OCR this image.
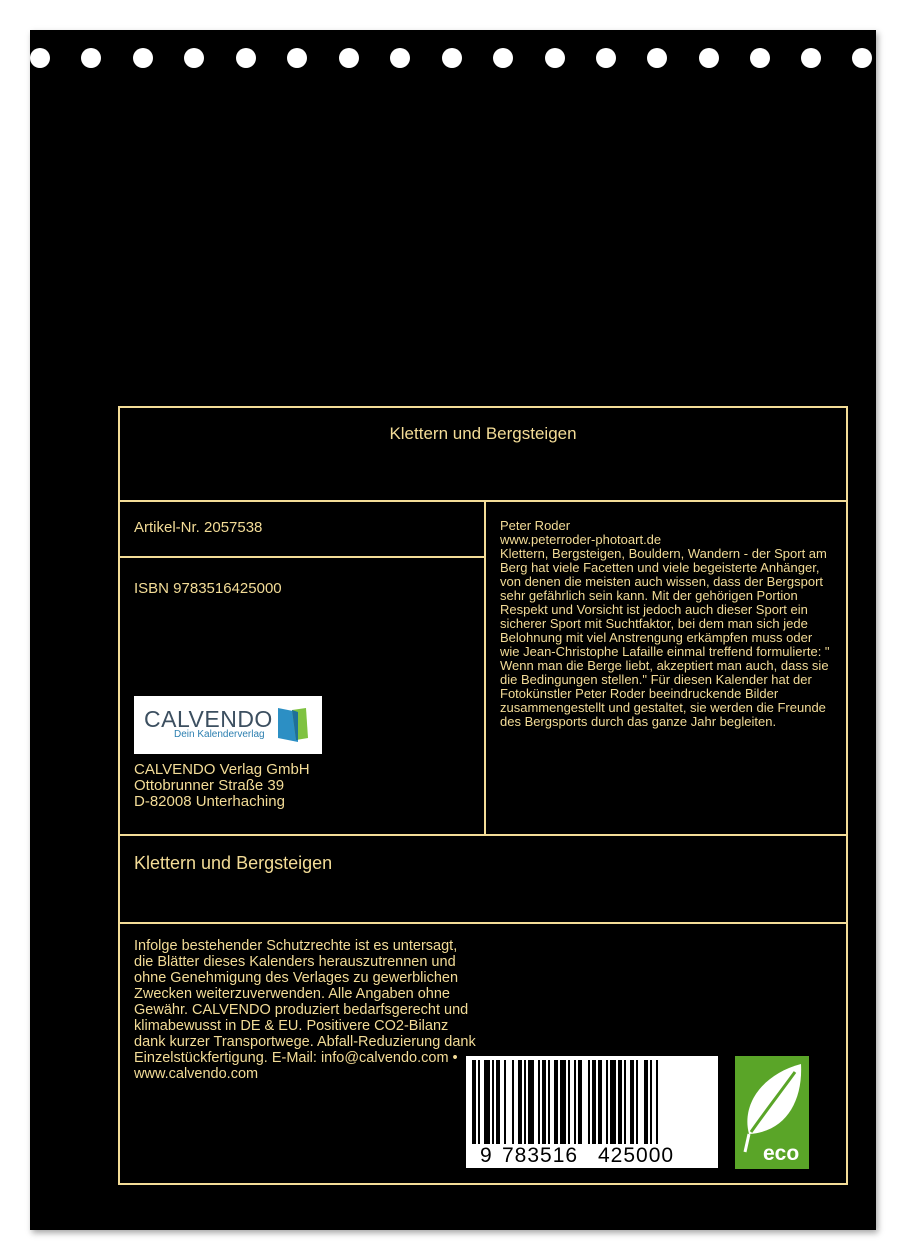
Klettern und Bergsteigen
Artikel-Nr. 2057538
ISBN 9783516425000
CALVENDO
Dein Kalenderverlag
CALVENDO Verlag GmbH
Ottobrunner Straße 39
D-82008 Unterhaching
Peter Roder
www.peterroder-photoart.de
Klettern, Bergsteigen, Bouldern, Wandern - der Sport am Berg hat viele Facetten und viele begeisterte Anhänger, von denen die meisten auch wissen, dass der Bergsport sehr gefährlich sein kann. Mit der gehörigen Portion Respekt und Vorsicht ist jedoch auch dieser Sport ein sicherer Sport mit Suchtfaktor, bei dem man sich jede Belohnung mit viel Anstrengung erkämpfen muss oder wie Jean-Christophe Lafaille einmal treffend formulierte: " Wenn man die Berge liebt, akzeptiert man auch, dass sie die Bedingungen stellen." Für diesen Kalender hat der Fotokünstler Peter Roder beeindruckende Bilder zusammengestellt und gestaltet, sie werden die Freunde des Bergsports durch das ganze Jahr begleiten.
Klettern und Bergsteigen
Infolge bestehender Schutzrechte ist es untersagt, die Blätter dieses Kalenders herauszutrennen und ohne Genehmigung des Verlages zu gewerblichen Zwecken weiterzuverwenden. Alle Angaben ohne Gewähr. CALVENDO produziert bedarfsgerecht und klimabewusst in DE & EU. Positivere CO2-Bilanz dank kurzer Transportwege. Abfall-Reduzierung dank Einzelstückfertigung. E-Mail: info@calvendo.com • www.calvendo.com
9 783516 425000	eco
